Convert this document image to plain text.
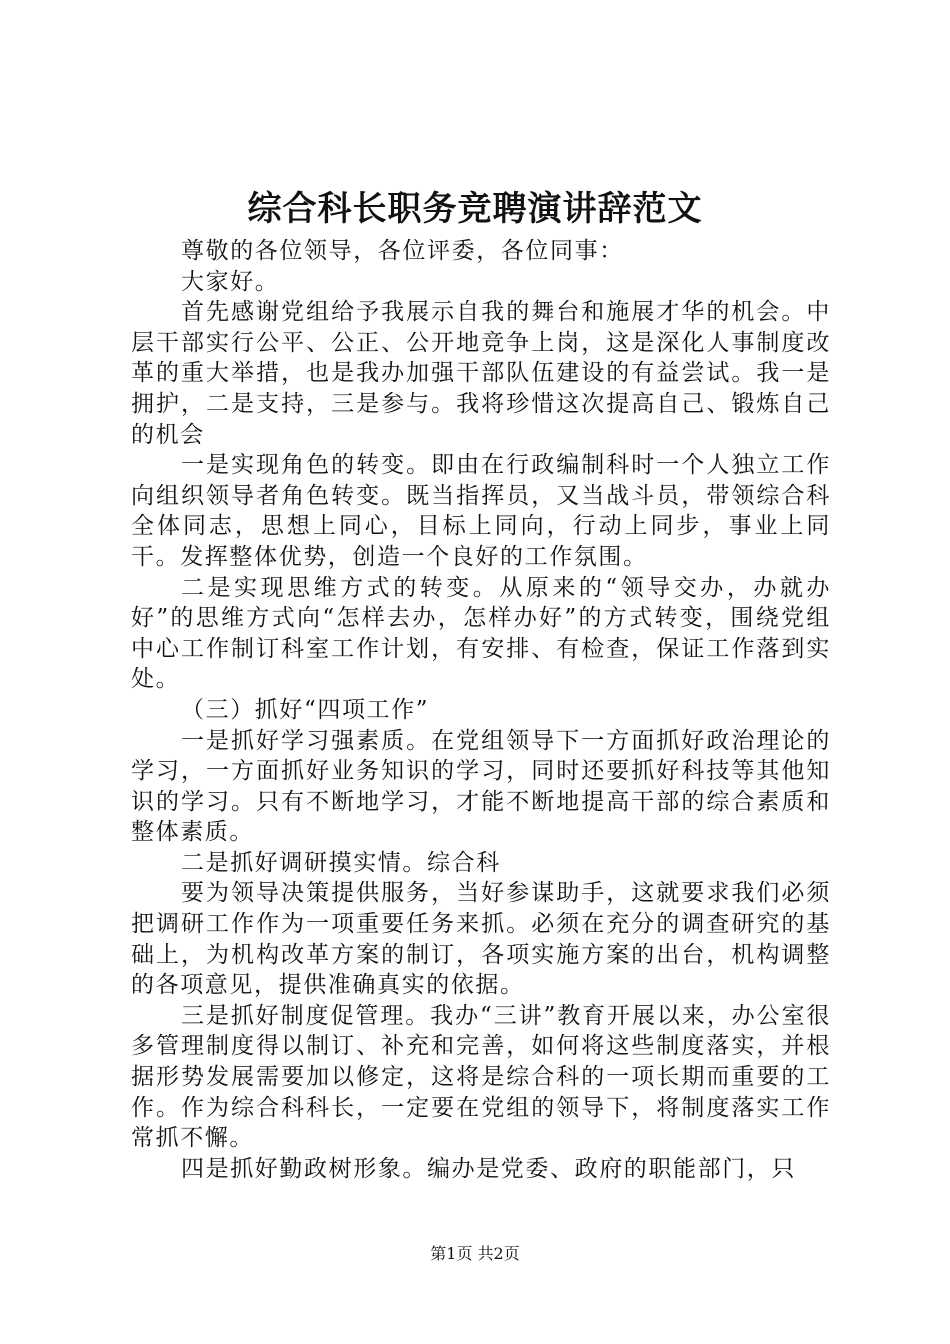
综合科长职务竞聘演讲辞范文

尊敬的各位领导，各位评委，各位同事：

大家好。

首先感谢党组给予我展示自我的舞台和施展才华的机会。中层干部实行公平、公正、公开地竞争上岗，这是深化人事制度改革的重大举措，也是我办加强干部队伍建设的有益尝试。我一是拥护，二是支持，三是参与。我将珍惜这次提高自己、锻炼自己的机会

一是实现角色的转变。即由在行政编制科时一个人独立工作向组织领导者角色转变。既当指挥员，又当战斗员，带领综合科全体同志，思想上同心，目标上同向，行动上同步，事业上同干。发挥整体优势，创造一个良好的工作氛围。

二是实现思维方式的转变。从原来的“领导交办，办就办好”的思维方式向“怎样去办，怎样办好”的方式转变，围绕党组中心工作制订科室工作计划，有安排、有检查，保证工作落到实处。

（三）抓好“四项工作”

一是抓好学习强素质。在党组领导下一方面抓好政治理论的学习，一方面抓好业务知识的学习，同时还要抓好科技等其他知识的学习。只有不断地学习，才能不断地提高干部的综合素质和整体素质。

二是抓好调研摸实情。综合科

要为领导决策提供服务，当好参谋助手，这就要求我们必须把调研工作作为一项重要任务来抓。必须在充分的调查研究的基础上，为机构改革方案的制订，各项实施方案的出台，机构调整的各项意见，提供准确真实的依据。

三是抓好制度促管理。我办“三讲”教育开展以来，办公室很多管理制度得以制订、补充和完善，如何将这些制度落实，并根据形势发展需要加以修定，这将是综合科的一项长期而重要的工作。作为综合科科长，一定要在党组的领导下，将制度落实工作常抓不懈。

四是抓好勤政树形象。编办是党委、政府的职能部门，只

第1页 共2页
